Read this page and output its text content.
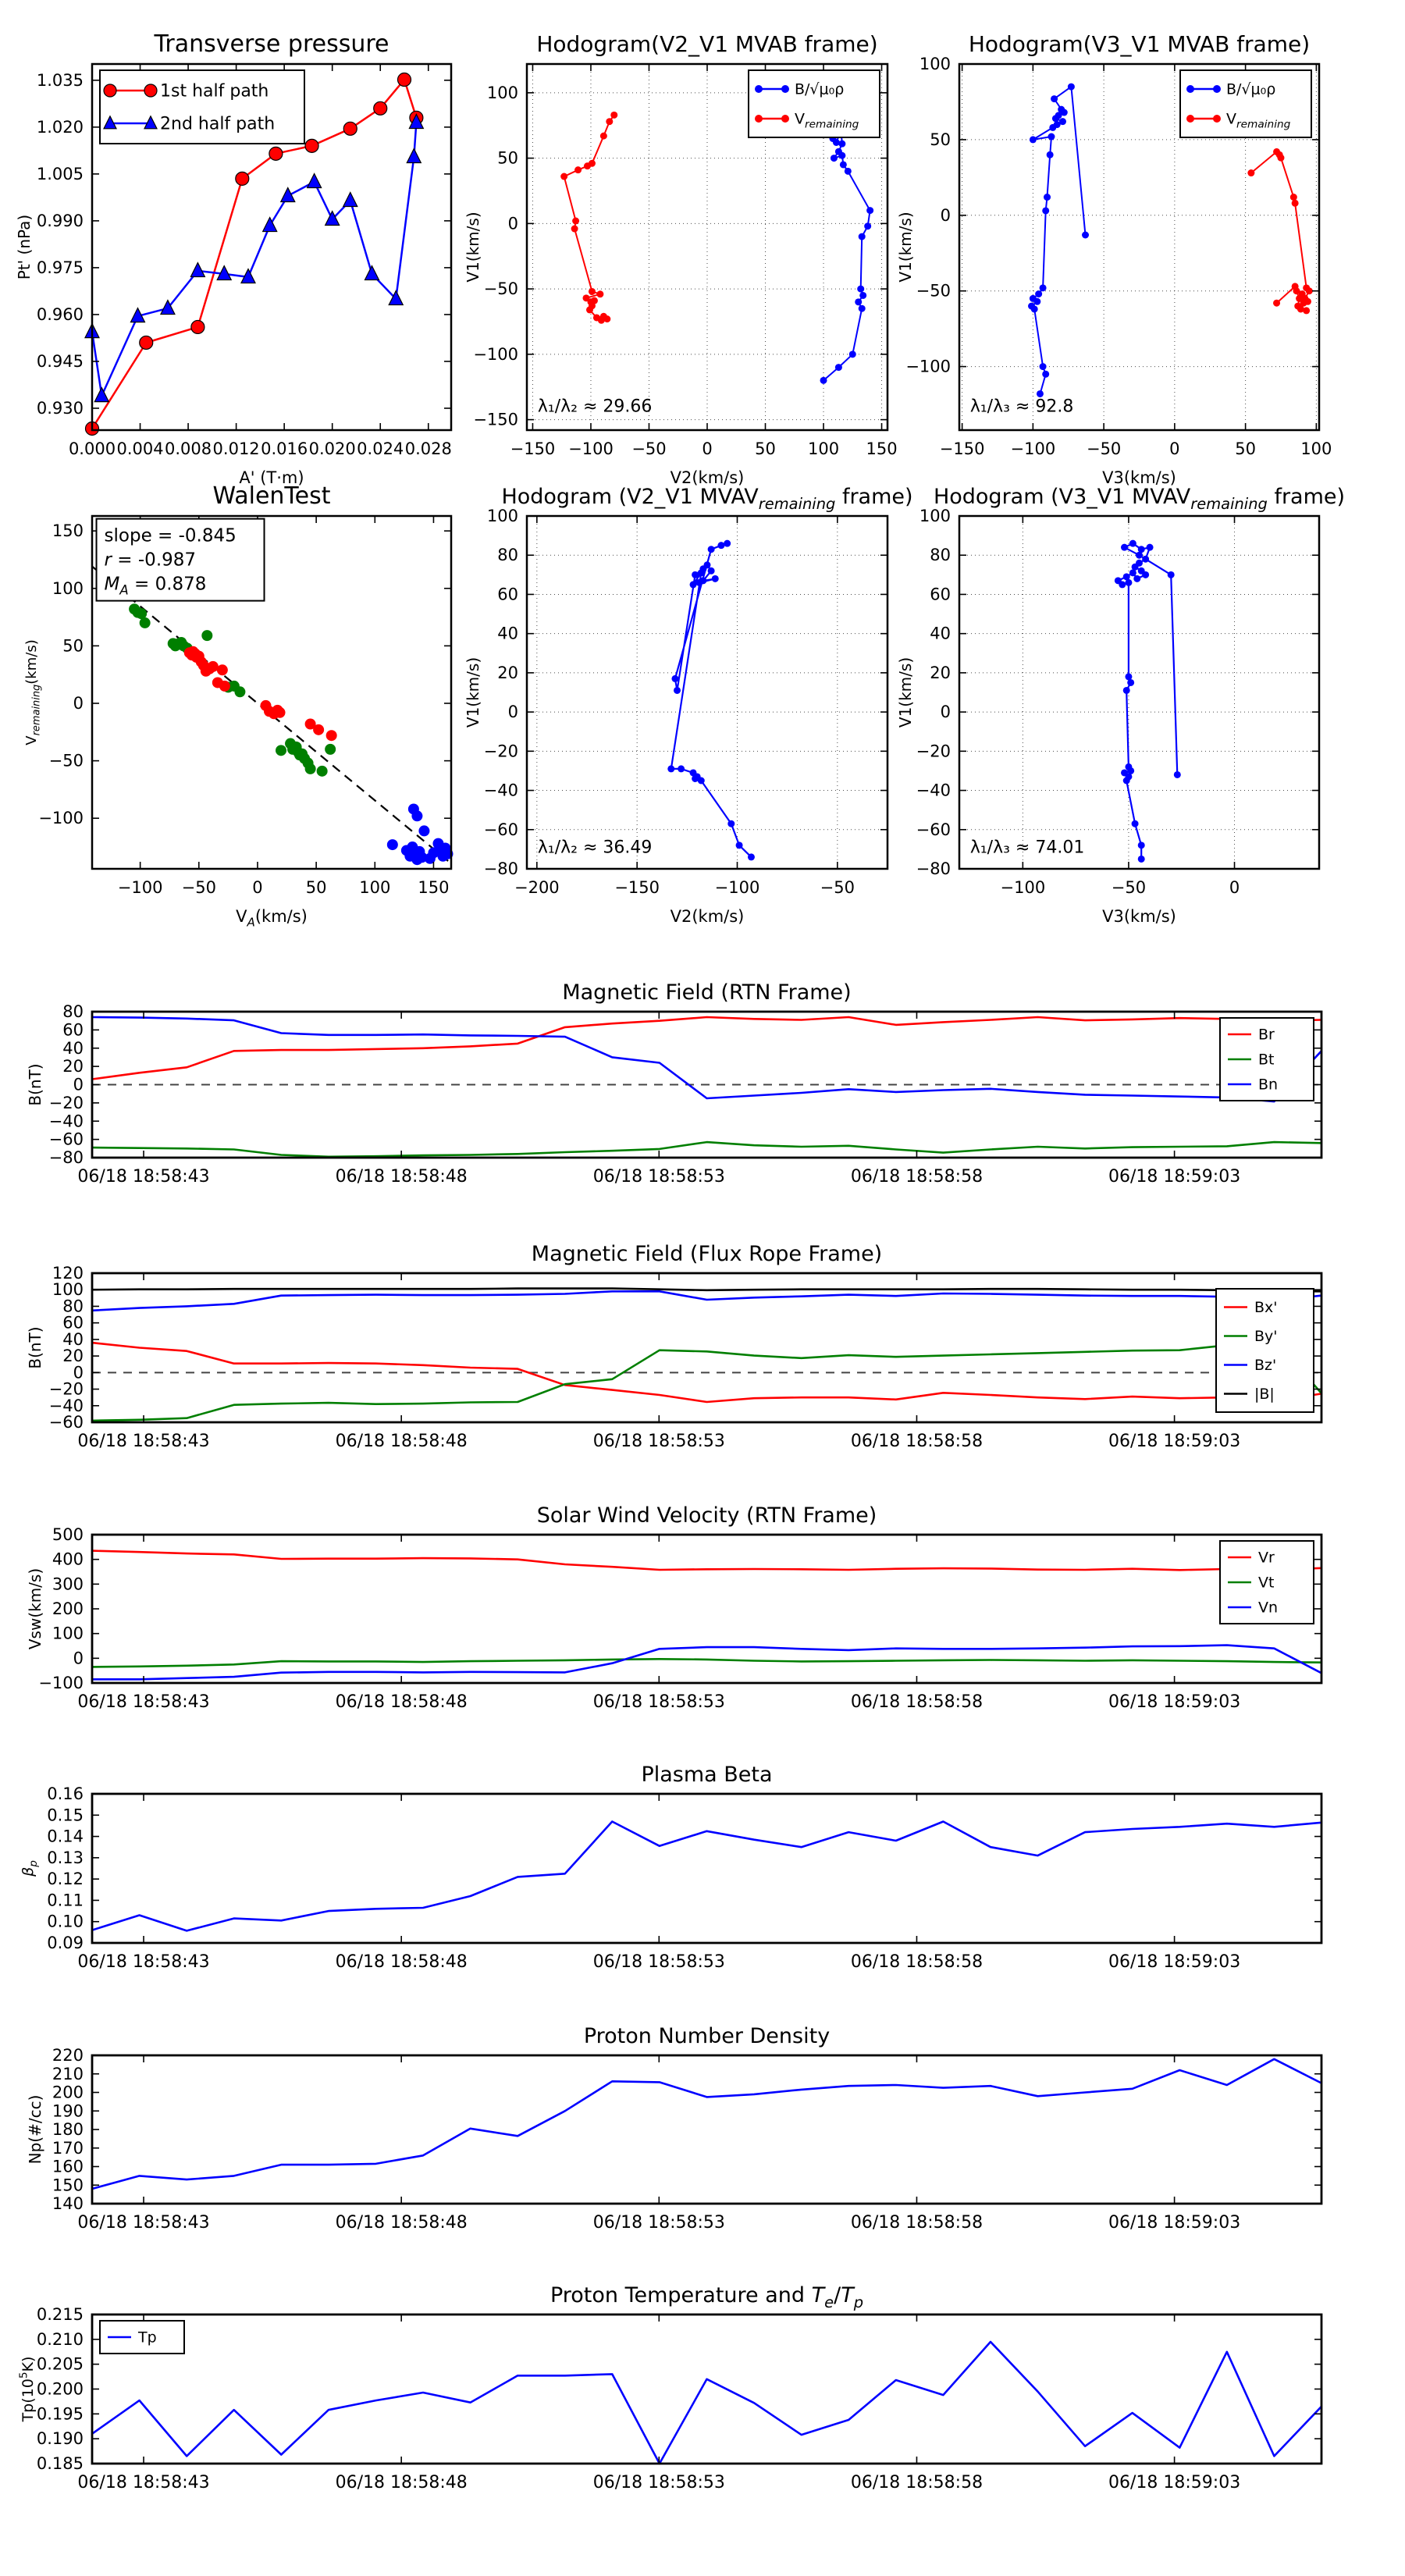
0.000 0.004 0.008 0.012 0.016 0.020 0.024 0.028
0.930
0.945
0.960
0.975
0.990
1.005
1.020
1.035
Transverse pressure
A' (T·m)
Pt' (nPa)
1st half path
2nd half path
−150 −100 −50 0	50 100 150
−150
−100
−50
0
50
100
Hodogram(V2_V1 MVAB frame)
V2(km/s)
V1(km/s)
λ₁/λ₂ ≈ 29.66
B/√μ₀ρ
$V_{remaining}$
−150 −100 −50	0	50	100
−100
−50
0
50
100
Hodogram(V3_V1 MVAB frame)
V3(km/s)
V1(km/s)
λ₁/λ₃ ≈ 92.8
B/√μ₀ρ
$V_{remaining}$
−100 −50 0	50 100 150
−100
−50
0
50
100
150
WalenTest
$V_A(km/s)$
$V_{remaining}(km/s)$
slope = -0.845
r = -0.987
$M_A = 0.878$
−200	−150	−100	−50
−80
−60
−40
−20
0
20
40
60
80
100
Hodogram (V2_V1 $MVAV_{remaining}$ frame)
V2(km/s)
V1(km/s)
λ₁/λ₂ ≈ 36.49
−100	−50	0
−80
−60
−40
−20
0
20
40
60
80
100
Hodogram (V3_V1 $MVAV_{remaining}$ frame)
V3(km/s)
V1(km/s)
λ₁/λ₃ ≈ 74.01
06/18 18:58:43	06/18 18:58:48	06/18 18:58:53	06/18 18:58:58	06/18 18:59:03
−80
−60
−40
−20
0
20
40
60
80
Magnetic Field (RTN Frame)
B(nT)
Br
Bt
Bn
06/18 18:58:43	06/18 18:58:48	06/18 18:58:53	06/18 18:58:58	06/18 18:59:03
−60
−40
−20
0
20
40
60
80
100
120
Magnetic Field (Flux Rope Frame)
B(nT)
Bx'
By'
Bz'
|B|
06/18 18:58:43	06/18 18:58:48	06/18 18:58:53	06/18 18:58:58	06/18 18:59:03
−100
0
100
200
300
400
500
Solar Wind Velocity (RTN Frame)
Vsw(km/s)
Vr
Vt
Vn
06/18 18:58:43	06/18 18:58:48	06/18 18:58:53	06/18 18:58:58	06/18 18:59:03
0.09
0.10
0.11
0.12
0.13
0.14
0.15
0.16
Plasma Beta
$\beta_p$
06/18 18:58:43	06/18 18:58:48	06/18 18:58:53	06/18 18:58:58	06/18 18:59:03
140
150
160
170
180
190
200
210
220
Proton Number Density
Np(#/cc)
06/18 18:58:43	06/18 18:58:48	06/18 18:58:53	06/18 18:58:58	06/18 18:59:03
0.185
0.190
0.195
0.200
0.205
0.210
0.215
Proton Temperature and $T_e/T_p$
$Tp(10^5K)$
Tp
